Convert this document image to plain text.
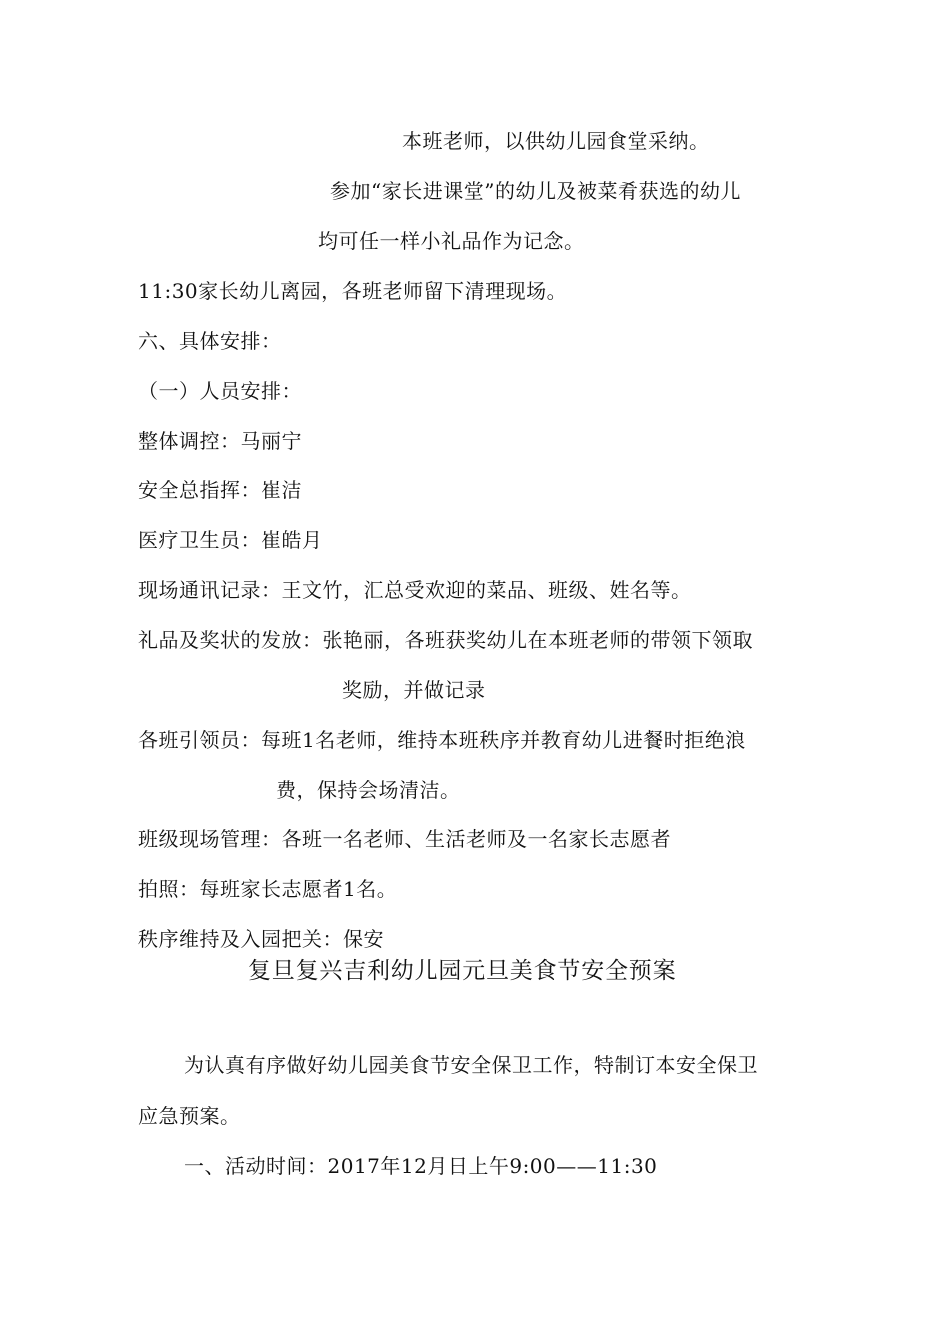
本班老师，以供幼儿园食堂采纳。
参加“家长进课堂”的幼儿及被菜肴获选的幼儿
均可任一样小礼品作为记念。
11:30家长幼儿离园，各班老师留下清理现场。
六、具体安排：
（一）人员安排：
整体调控：马丽宁
安全总指挥：崔洁
医疗卫生员：崔皓月
现场通讯记录：王文竹，汇总受欢迎的菜品、班级、姓名等。
礼品及奖状的发放：张艳丽，各班获奖幼儿在本班老师的带领下领取
奖励，并做记录
各班引领员：每班1名老师，维持本班秩序并教育幼儿进餐时拒绝浪
费，保持会场清洁。
班级现场管理：各班一名老师、生活老师及一名家长志愿者
拍照：每班家长志愿者1名。
秩序维持及入园把关：保安
复旦复兴吉利幼儿园元旦美食节安全预案
为认真有序做好幼儿园美食节安全保卫工作，特制订本安全保卫
应急预案。
一、活动时间：2017年12月日上午9:00——11:30
